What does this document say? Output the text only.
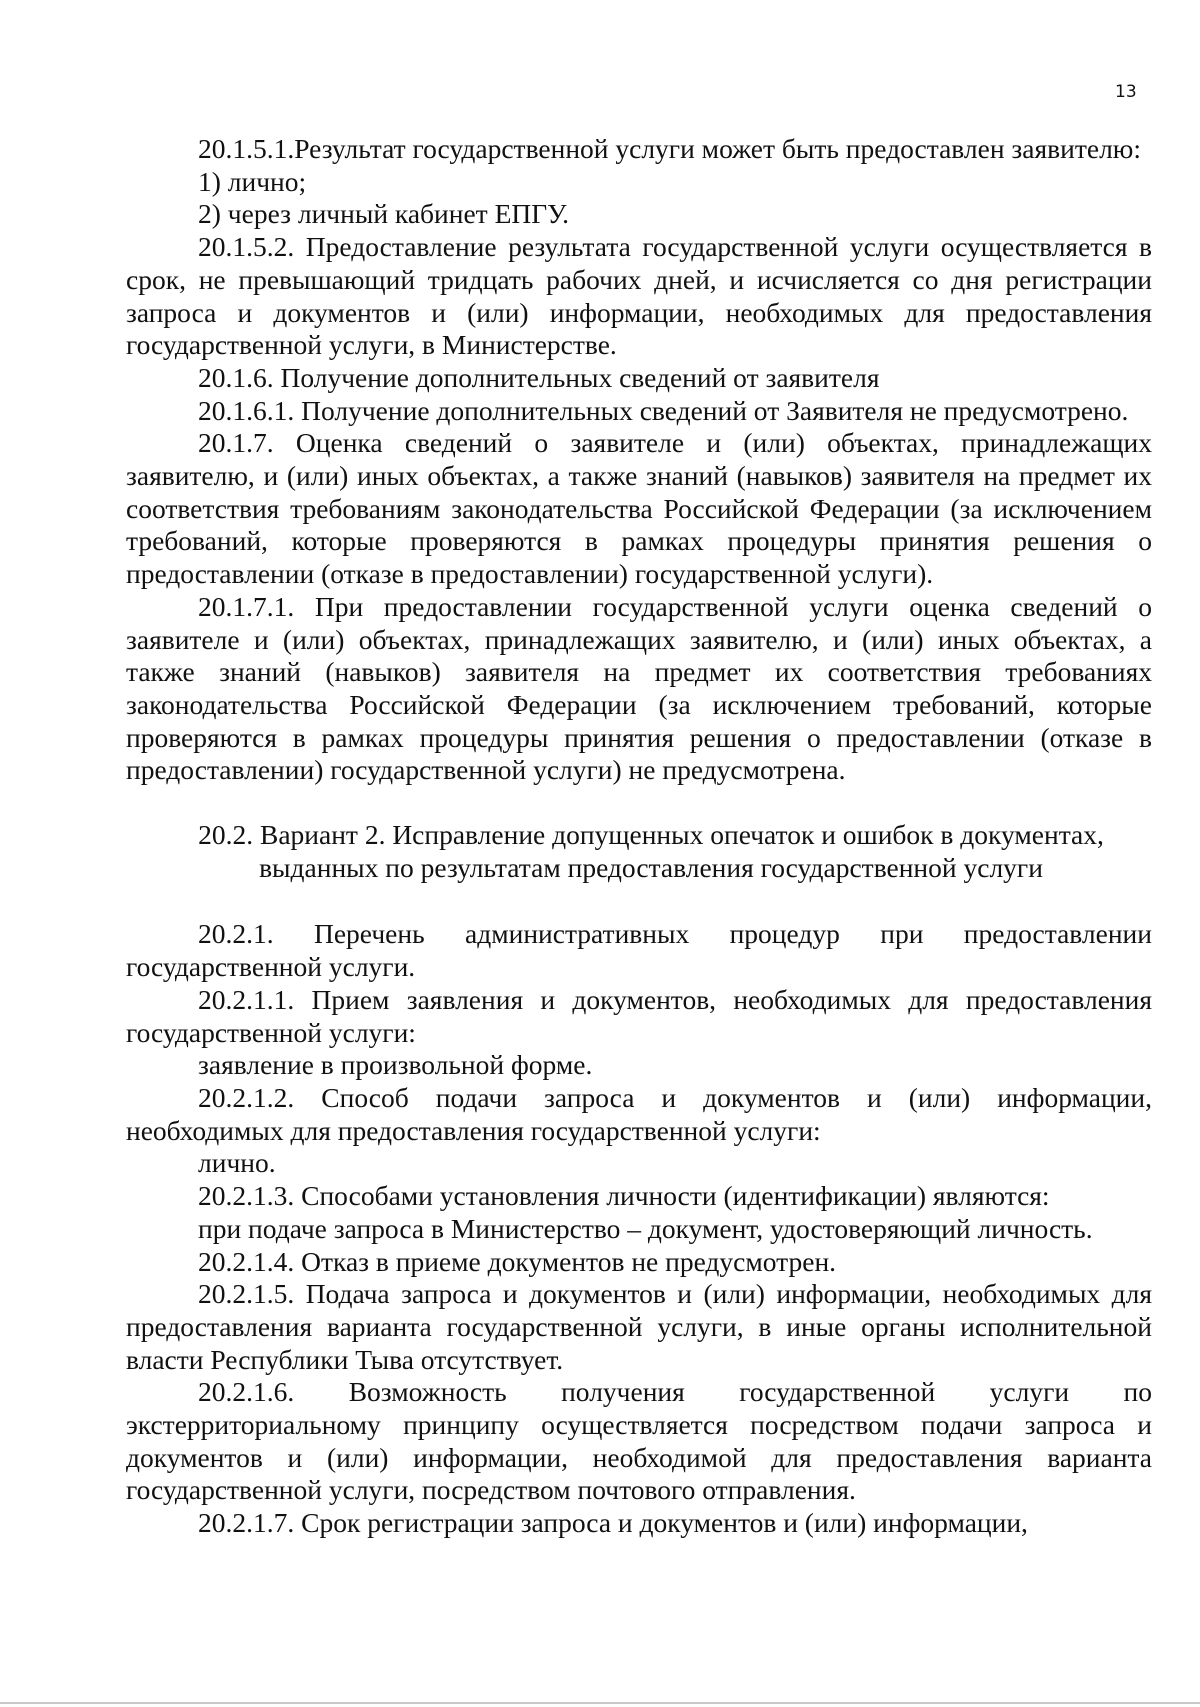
13

20.1.5.1.Результат государственной услуги может быть предоставлен заявителю:

1) лично;

2) через личный кабинет ЕПГУ.

20.1.5.2. Предоставление результата государственной услуги осуществляется в срок, не превышающий тридцать рабочих дней, и исчисляется со дня регистрации запроса и документов и (или) информации, необходимых для предоставления государственной услуги, в Министерстве.

20.1.6. Получение дополнительных сведений от заявителя

20.1.6.1. Получение дополнительных сведений от Заявителя не предусмотрено.

20.1.7. Оценка сведений о заявителе и (или) объектах, принадлежащих заявителю, и (или) иных объектах, а также знаний (навыков) заявителя на предмет их соответствия требованиям законодательства Российской Федерации (за исключением требований, которые проверяются в рамках процедуры принятия решения о предоставлении (отказе в предоставлении) государственной услуги).

20.1.7.1. При предоставлении государственной услуги оценка сведений о заявителе и (или) объектах, принадлежащих заявителю, и (или) иных объектах, а также знаний (навыков) заявителя на предмет их соответствия требованиях законодательства Российской Федерации (за исключением требований, которые проверяются в рамках процедуры принятия решения о предоставлении (отказе в предоставлении) государственной услуги) не предусмотрена.

20.2. Вариант 2. Исправление допущенных опечаток и ошибок в документах,

выданных по результатам предоставления государственной услуги

20.2.1. Перечень административных процедур при предоставлении государственной услуги.

20.2.1.1. Прием заявления и документов, необходимых для предоставления государственной услуги:

заявление в произвольной форме.

20.2.1.2. Способ подачи запроса и документов и (или) информации, необходимых для предоставления государственной услуги:

лично.

20.2.1.3. Способами установления личности (идентификации) являются:

при подаче запроса в Министерство – документ, удостоверяющий личность.

20.2.1.4. Отказ в приеме документов не предусмотрен.

20.2.1.5. Подача запроса и документов и (или) информации, необходимых для предоставления варианта государственной услуги, в иные органы исполнительной власти Республики Тыва отсутствует.

20.2.1.6. Возможность получения государственной услуги по экстерриториальному принципу осуществляется посредством подачи запроса и документов и (или) информации, необходимой для предоставления варианта государственной услуги, посредством почтового отправления.

20.2.1.7. Срок регистрации запроса и документов и (или) информации,
